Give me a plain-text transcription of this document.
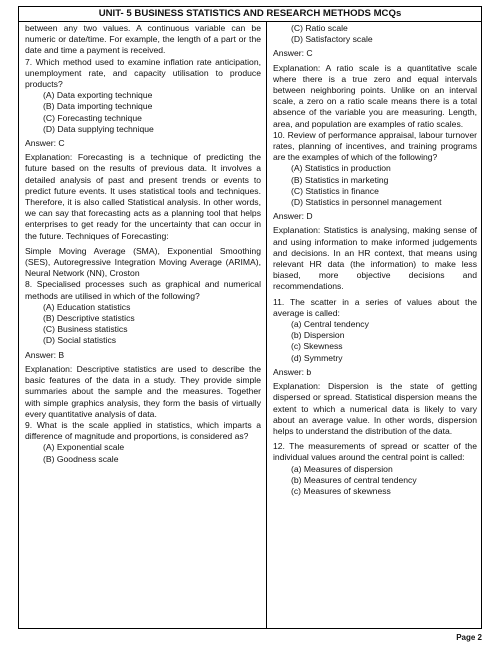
UNIT- 5 BUSINESS STATISTICS AND RESEARCH METHODS MCQs

between any two values. A continuous variable can be numeric or date/time. For example, the length of a part or the date and time a payment is received.

7. Which method used to examine inflation rate anticipation, unemployment rate, and capacity utilisation to produce products?

(A) Data exporting technique
(B) Data importing technique
(C) Forecasting technique
(D) Data supplying technique

Answer: C

Explanation: Forecasting is a technique of predicting the future based on the results of previous data. It involves a detailed analysis of past and present trends or events to predict future events. It uses statistical tools and techniques. Therefore, it is also called Statistical analysis. In other words, we can say that forecasting acts as a planning tool that helps enterprises to get ready for the uncertainty that can occur in the future. Techniques of Forecasting:

Simple Moving Average (SMA), Exponential Smoothing (SES), Autoregressive Integration Moving Average (ARIMA), Neural Network (NN), Croston

8. Specialised processes such as graphical and numerical methods are utilised in which of the following?

(A) Education statistics
(B) Descriptive statistics
(C) Business statistics
(D) Social statistics

Answer: B

Explanation: Descriptive statistics are used to describe the basic features of the data in a study. They provide simple summaries about the sample and the measures. Together with simple graphics analysis, they form the basis of virtually every quantitative analysis of data.

9. What is the scale applied in statistics, which imparts a difference of magnitude and proportions, is considered as?

(A) Exponential scale
(B) Goodness scale
(C) Ratio scale
(D) Satisfactory scale

Answer: C

Explanation: A ratio scale is a quantitative scale where there is a true zero and equal intervals between neighboring points. Unlike on an interval scale, a zero on a ratio scale means there is a total absence of the variable you are measuring. Length, area, and population are examples of ratio scales.

10. Review of performance appraisal, labour turnover rates, planning of incentives, and training programs are the examples of which of the following?

(A) Statistics in production
(B) Statistics in marketing
(C) Statistics in finance
(D) Statistics in personnel management

Answer: D

Explanation: Statistics is analysing, making sense of and using information to make informed judgements and decisions. In an HR context, that means using relevant HR data (the information) to make less biased, more objective decisions and recommendations.

11. The scatter in a series of values about the average is called:

(a) Central tendency
(b) Dispersion
(c) Skewness
(d) Symmetry

Answer: b

Explanation: Dispersion is the state of getting dispersed or spread. Statistical dispersion means the extent to which a numerical data is likely to vary about an average value. In other words, dispersion helps to understand the distribution of the data.

12. The measurements of spread or scatter of the individual values around the central point is called:

(a) Measures of dispersion
(b) Measures of central tendency
(c) Measures of skewness
Page 2
